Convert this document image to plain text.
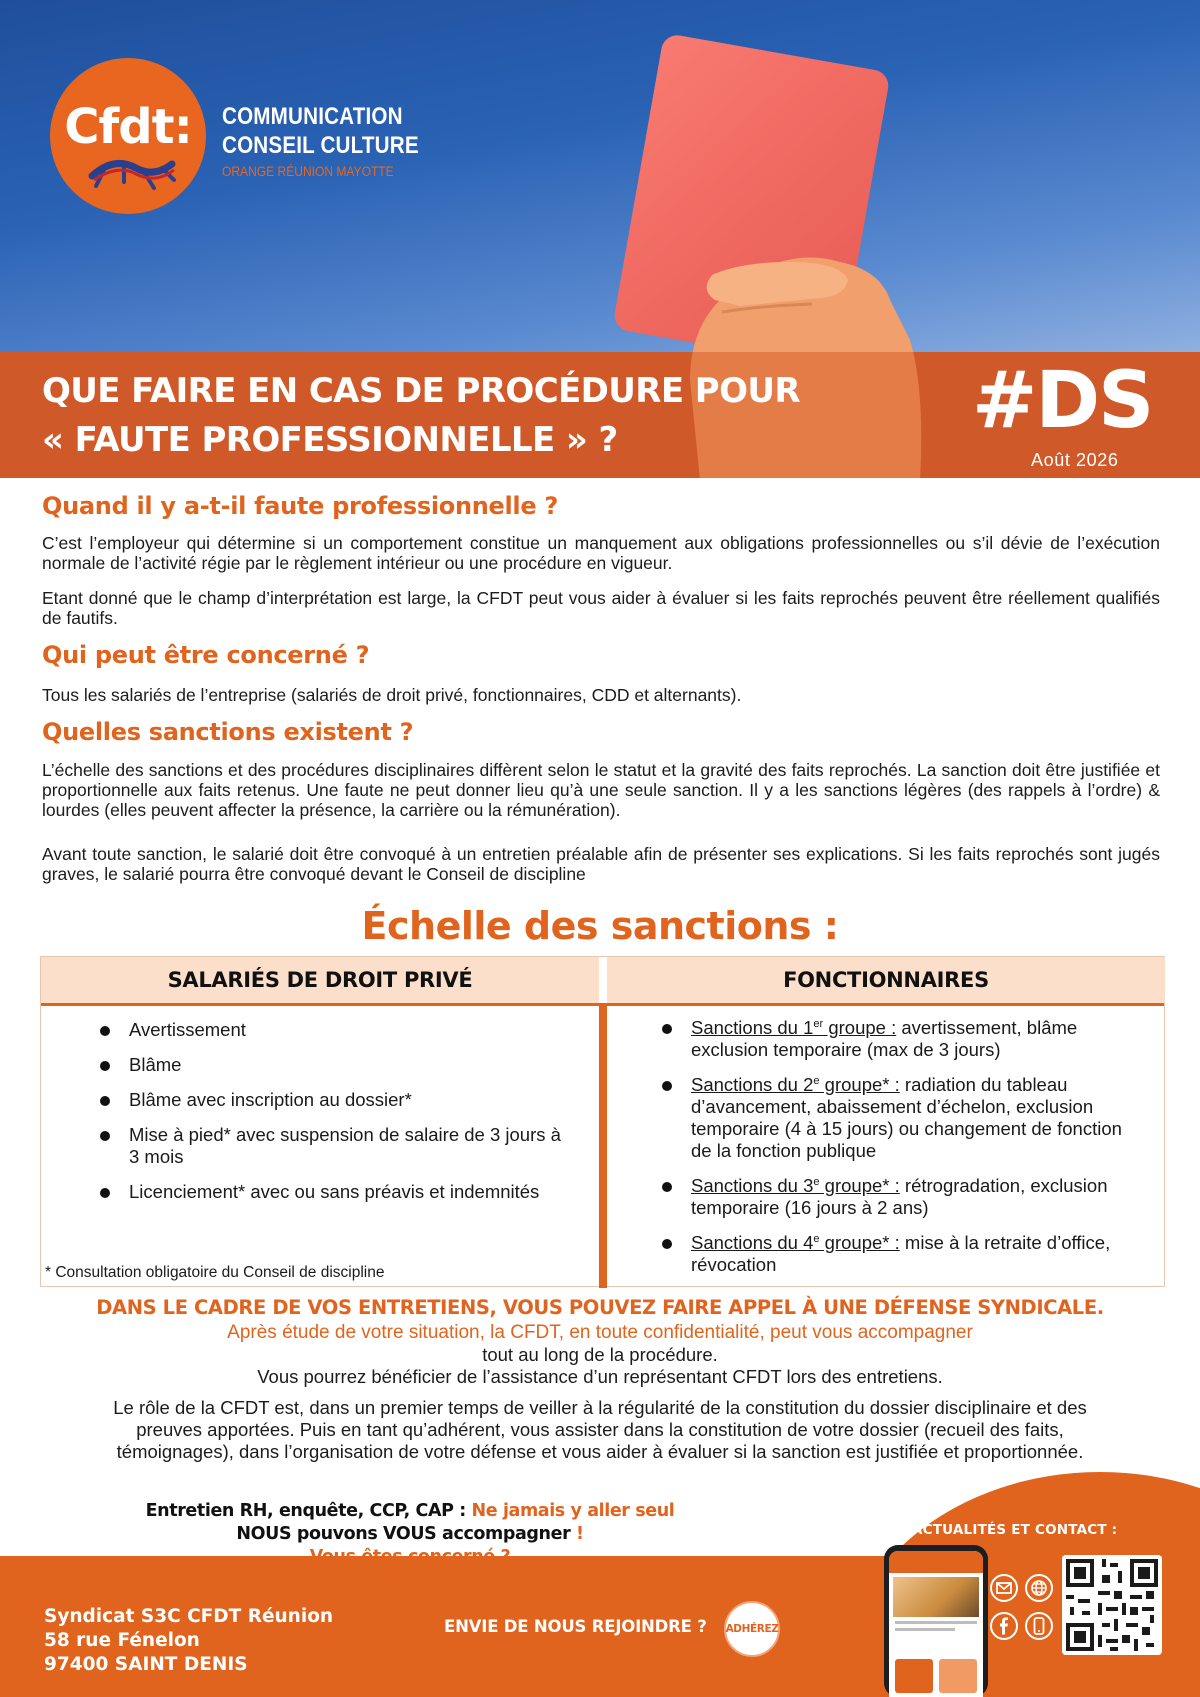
Cfdt: COMMUNICATION
CONSEIL CULTURE
ORANGE RÉUNION MAYOTTE
QUE FAIRE EN CAS DE PROCÉDURE POUR
« FAUTE PROFESSIONNELLE » ?	#DS
Août 2026
Quand il y a-t-il faute professionnelle ?

C’est l’employeur qui détermine si un comportement constitue un manquement aux obligations professionnelles ou s’il dévie de l’exécution normale de l’activité régie par le règlement intérieur ou une procédure en vigueur.

Etant donné que le champ d’interprétation est large, la CFDT peut vous aider à évaluer si les faits reprochés peuvent être réellement qualifiés de fautifs.

Qui peut être concerné ?

Tous les salariés de l’entreprise (salariés de droit privé, fonctionnaires, CDD et alternants).

Quelles sanctions existent ?

L’échelle des sanctions et des procédures disciplinaires diffèrent selon le statut et la gravité des faits reprochés. La sanction doit être justifiée et proportionnelle aux faits retenus. Une faute ne peut donner lieu qu’à une seule sanction. Il y a les sanctions légères (des rappels à l’ordre) & lourdes (elles peuvent affecter la présence, la carrière ou la rémunération).

Avant toute sanction, le salarié doit être convoqué à un entretien préalable afin de présenter ses explications. Si les faits reprochés sont jugés graves, le salarié pourra être convoqué devant le Conseil de discipline

Échelle des sanctions :
SALARIÉS DE DROIT PRIVÉ	FONCTIONNAIRES
Avertissement
Blâme
Blâme avec inscription au dossier*
Mise à pied* avec suspension de salaire de 3 jours à 3 mois
Licenciement* avec ou sans préavis et indemnités
Sanctions du 1er groupe : avertissement, blâme exclusion temporaire (max de 3 jours)
Sanctions du 2e groupe* : radiation du tableau d’avancement, abaissement d’échelon, exclusion temporaire (4 à 15 jours) ou changement de fonction de la fonction publique
Sanctions du 3e groupe* : rétrogradation, exclusion temporaire (16 jours à 2 ans)
Sanctions du 4e groupe* : mise à la retraite d’office, révocation
* Consultation obligatoire du Conseil de discipline
DANS LE CADRE DE VOS ENTRETIENS, VOUS POUVEZ FAIRE APPEL À UNE DÉFENSE SYNDICALE.
Après étude de votre situation, la CFDT, en toute confidentialité, peut vous accompagner
tout au long de la procédure.
Vous pourrez bénéficier de l’assistance d’un représentant CFDT lors des entretiens.

Le rôle de la CFDT est, dans un premier temps de veiller à la régularité de la constitution du dossier disciplinaire et des preuves apportées. Puis en tant qu’adhérent, vous assister dans la constitution de votre dossier (recueil des faits, témoignages), dans l’organisation de votre défense et vous aider à évaluer si la sanction est justifiée et proportionnée.

Entretien RH, enquête, CCP, CAP : Ne jamais y aller seul
NOUS pouvons VOUS accompagner !
Syndicat S3C CFDT Réunion
58 rue Fénelon
97400 SAINT DENIS
ENVIE DE NOUS REJOINDRE ? ADHÉREZ
ACTUALITÉS ET CONTACT :
